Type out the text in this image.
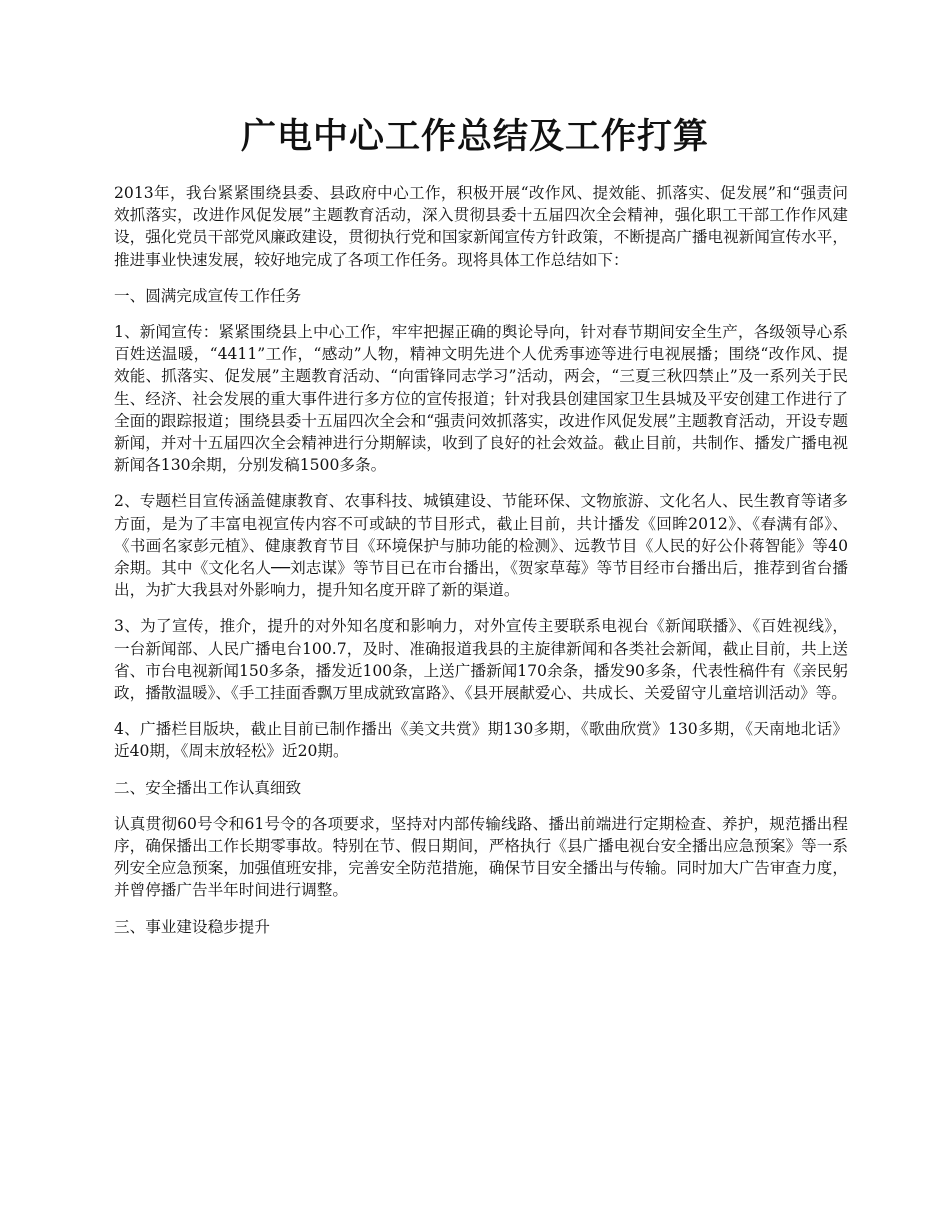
广电中心工作总结及工作打算

2013年，我台紧紧围绕县委、县政府中心工作，积极开展“改作风、提效能、抓落实、促发展”和“强责问效抓落实，改进作风促发展”主题教育活动，深入贯彻县委十五届四次全会精神，强化职工干部工作作风建设，强化党员干部党风廉政建设，贯彻执行党和国家新闻宣传方针政策，不断提高广播电视新闻宣传水平，推进事业快速发展，较好地完成了各项工作任务。现将具体工作总结如下：

一、圆满完成宣传工作任务

1、新闻宣传：紧紧围绕县上中心工作，牢牢把握正确的舆论导向，针对春节期间安全生产，各级领导心系百姓送温暖，“4411”工作，“感动”人物，精神文明先进个人优秀事迹等进行电视展播；围绕“改作风、提效能、抓落实、促发展”主题教育活动、“向雷锋同志学习”活动，两会，“三夏三秋四禁止”及一系列关于民生、经济、社会发展的重大事件进行多方位的宣传报道；针对我县创建国家卫生县城及平安创建工作进行了全面的跟踪报道；围绕县委十五届四次全会和“强责问效抓落实，改进作风促发展”主题教育活动，开设专题新闻，并对十五届四次全会精神进行分期解读，收到了良好的社会效益。截止目前，共制作、播发广播电视新闻各130余期，分别发稿1500多条。

2、专题栏目宣传涵盖健康教育、农事科技、城镇建设、节能环保、文物旅游、文化名人、民生教育等诸多方面，是为了丰富电视宣传内容不可或缺的节目形式，截止目前，共计播发《回眸2012》、《春满有郃》、《书画名家彭元植》、健康教育节目《环境保护与肺功能的检测》、远教节目《人民的好公仆蒋智能》等40余期。其中《文化名人──刘志谋》等节目已在市台播出，《贺家草莓》等节目经市台播出后，推荐到省台播出，为扩大我县对外影响力，提升知名度开辟了新的渠道。

3、为了宣传，推介，提升的对外知名度和影响力，对外宣传主要联系电视台《新闻联播》、《百姓视线》，一台新闻部、人民广播电台100.7，及时、准确报道我县的主旋律新闻和各类社会新闻，截止目前，共上送省、市台电视新闻150多条，播发近100条，上送广播新闻170余条，播发90多条，代表性稿件有《亲民躬政，播散温暖》、《手工挂面香飘万里成就致富路》、《县开展献爱心、共成长、关爱留守儿童培训活动》等。

4、广播栏目版块，截止目前已制作播出《美文共赏》期130多期，《歌曲欣赏》130多期，《天南地北话》近40期，《周末放轻松》近20期。

二、安全播出工作认真细致

认真贯彻60号令和61号令的各项要求，坚持对内部传输线路、播出前端进行定期检查、养护，规范播出程序，确保播出工作长期零事故。特别在节、假日期间，严格执行《县广播电视台安全播出应急预案》等一系列安全应急预案，加强值班安排，完善安全防范措施，确保节目安全播出与传输。同时加大广告审查力度，并曾停播广告半年时间进行调整。

三、事业建设稳步提升
